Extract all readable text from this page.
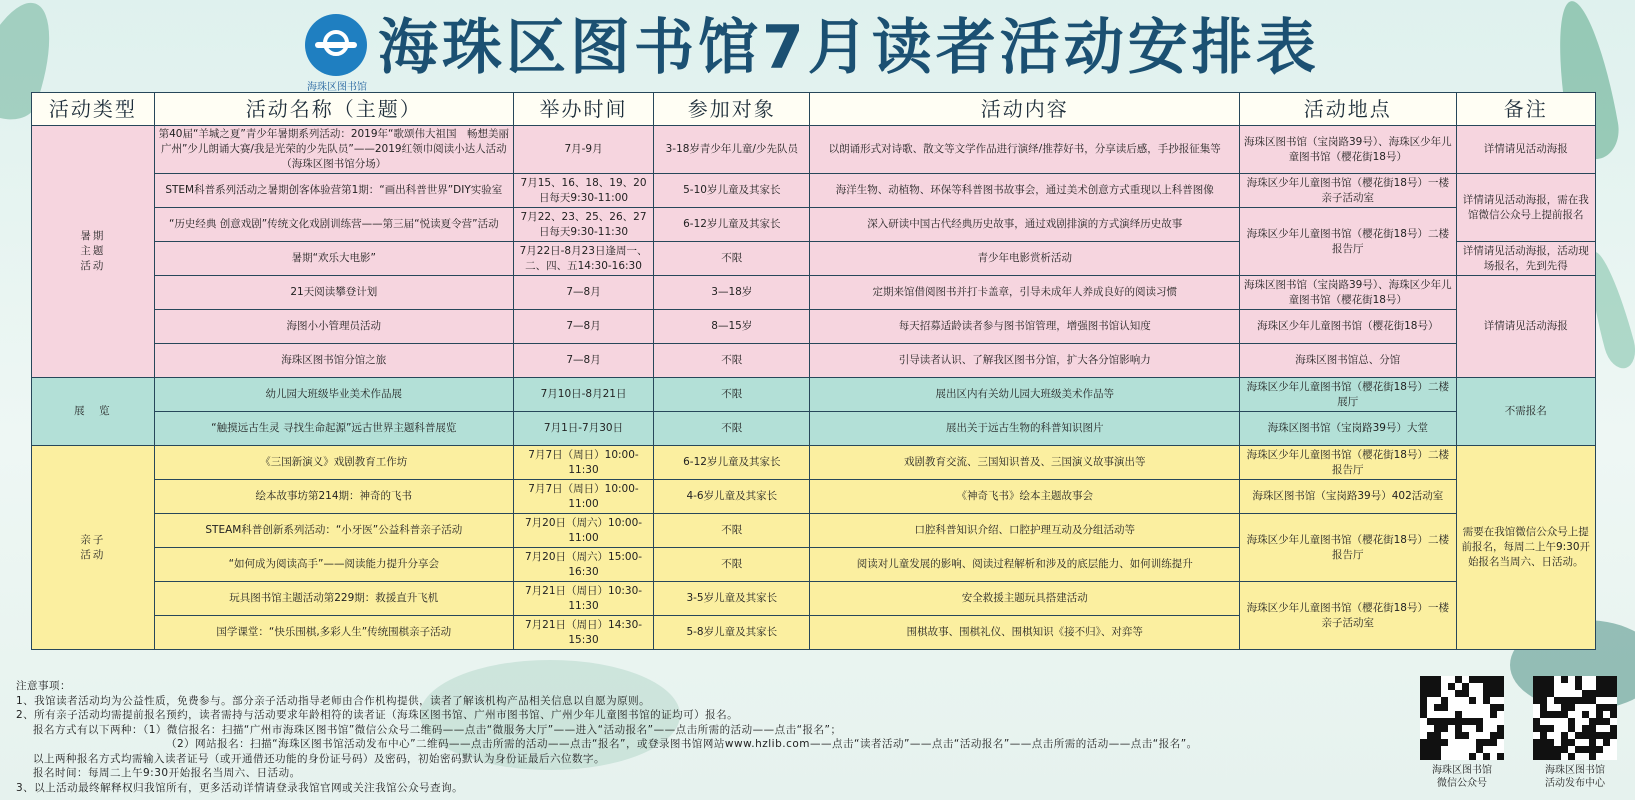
海珠区图书馆
海珠区图书馆7月读者活动安排表
活动类型	活动名称（主题）	举办时间	参加对象	活动内容	活动地点	备注
暑期
主题
活动	第40届“羊城之夏”青少年暑期系列活动：2019年“歌颂伟大祖国　畅想美丽广州”少儿朗诵大赛/我是光荣的少先队员”——2019红领巾阅读小达人活动（海珠区图书馆分场）	7月-9月	3-18岁青少年儿童/少先队员	以朗诵形式对诗歌、散文等文学作品进行演绎/推荐好书，分享读后感，手抄报征集等	海珠区图书馆（宝岗路39号）、海珠区少年儿童图书馆（樱花街18号）	详情请见活动海报
	STEM科普系列活动之暑期创客体验营第1期：“画出科普世界”DIY实验室	7月15、16、18、19、20日每天9:30-11:00	5-10岁儿童及其家长	海洋生物、动植物、环保等科普图书故事会，通过美术创意方式重现以上科普图像	海珠区少年儿童图书馆（樱花街18号）一楼亲子活动室	详情请见活动海报，需在我馆微信公众号上提前报名
	“历史经典 创意戏剧”传统文化戏剧训练营——第三届“悦读夏令营”活动	7月22、23、25、26、27日每天9:30-11:30	6-12岁儿童及其家长	深入研读中国古代经典历史故事，通过戏剧排演的方式演绎历史故事	海珠区少年儿童图书馆（樱花街18号）二楼报告厅	
	暑期“欢乐大电影”	7月22日-8月23日逢周一、二、四、五14:30-16:30	不限	青少年电影赏析活动		详情请见活动海报，活动现场报名，先到先得
	21天阅读攀登计划	7—8月	3—18岁	定期来馆借阅图书并打卡盖章，引导未成年人养成良好的阅读习惯	海珠区图书馆（宝岗路39号）、海珠区少年儿童图书馆（樱花街18号）	详情请见活动海报
	海图小小管理员活动	7—8月	8—15岁	每天招募适龄读者参与图书馆管理，增强图书馆认知度	海珠区少年儿童图书馆（樱花街18号）	
	海珠区图书馆分馆之旅	7—8月	不限	引导读者认识、了解我区图书分馆，扩大各分馆影响力	海珠区图书馆总、分馆	
展　览	幼儿园大班级毕业美术作品展	7月10日-8月21日	不限	展出区内有关幼儿园大班级美术作品等	海珠区少年儿童图书馆（樱花街18号）二楼展厅	不需报名
	“触摸远古生灵 寻找生命起源”远古世界主题科普展览	7月1日-7月30日	不限	展出关于远古生物的科普知识图片	海珠区图书馆（宝岗路39号）大堂	
亲子
活动	《三国新演义》戏剧教育工作坊	7月7日（周日）10:00-11:30	6-12岁儿童及其家长	戏剧教育交流、三国知识普及、三国演义故事演出等	海珠区少年儿童图书馆（樱花街18号）二楼报告厅	需要在我馆微信公众号上提前报名，每周二上午9:30开始报名当周六、日活动。
	绘本故事坊第214期：神奇的飞书	7月7日（周日）10:00-11:00	4-6岁儿童及其家长	《神奇飞书》绘本主题故事会	海珠区图书馆（宝岗路39号）402活动室	
	STEAM科普创新系列活动：“小牙医”公益科普亲子活动	7月20日（周六）10:00-11:00	不限	口腔科普知识介绍、口腔护理互动及分组活动等	海珠区少年儿童图书馆（樱花街18号）二楼报告厅	
	“如何成为阅读高手”——阅读能力提升分享会	7月20日（周六）15:00-16:30	不限	阅读对儿童发展的影响、阅读过程解析和涉及的底层能力、如何训练提升		
	玩具图书馆主题活动第229期：救援直升飞机	7月21日（周日）10:30-11:30	3-5岁儿童及其家长	安全救援主题玩具搭建活动	海珠区少年儿童图书馆（樱花街18号）一楼亲子活动室	
	国学课堂：“快乐围棋,多彩人生”传统围棋亲子活动	7月21日（周日）14:30-15:30	5-8岁儿童及其家长	围棋故事、围棋礼仪、围棋知识《接不归》、对弈等		
注意事项：
1、我馆读者活动均为公益性质，免费参与。部分亲子活动指导老师由合作机构提供，读者了解该机构产品相关信息以自愿为原则。
2、所有亲子活动均需提前报名预约，读者需持与活动要求年龄相符的读者证（海珠区图书馆、广州市图书馆、广州少年儿童图书馆的证均可）报名。
报名方式有以下两种：（1）微信报名：扫描“广州市海珠区图书馆”微信公众号二维码——点击“微服务大厅”——进入“活动报名”——点击所需的活动——点击“报名”；
（2）网站报名：扫描“海珠区图书馆活动发布中心”二维码——点击所需的活动——点击“报名”，或登录图书馆网站www.hzlib.com——点击“读者活动”——点击“活动报名”——点击所需的活动——点击“报名”。
以上两种报名方式均需输入读者证号（或开通借还功能的身份证号码）及密码，初始密码默认为身份证最后六位数字。
报名时间：每周二上午9:30开始报名当周六、日活动。
3、以上活动最终解释权归我馆所有，更多活动详情请登录我馆官网或关注我馆公众号查询。
海珠区图书馆
微信公众号
海珠区图书馆
活动发布中心
